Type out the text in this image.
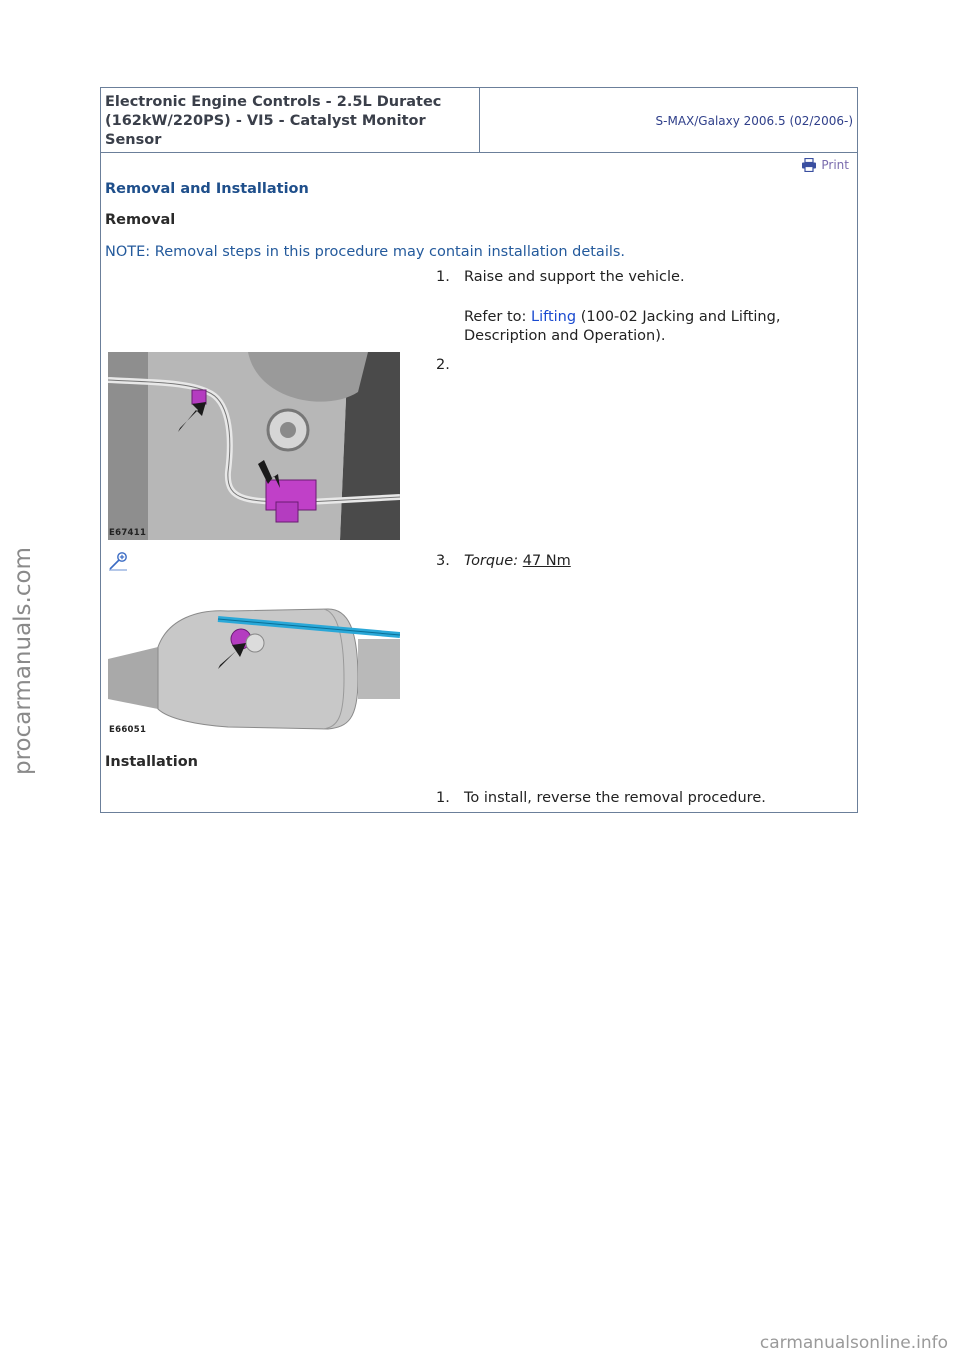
Electronic Engine Controls - 2.5L Duratec (162kW/220PS) - VI5 - Catalyst Monitor Sensor
S-MAX/Galaxy 2006.5 (02/2006-)
Print
Removal and Installation
Removal
NOTE: Removal steps in this procedure may contain installation details.
1. Raise and support the vehicle.
Refer to: Lifting (100-02 Jacking and Lifting, Description and Operation).
E67411
2.
E66051
3. Torque: 47 Nm
Installation
1. To install, reverse the removal procedure.
procarmanuals.com
carmanualsonline.info
